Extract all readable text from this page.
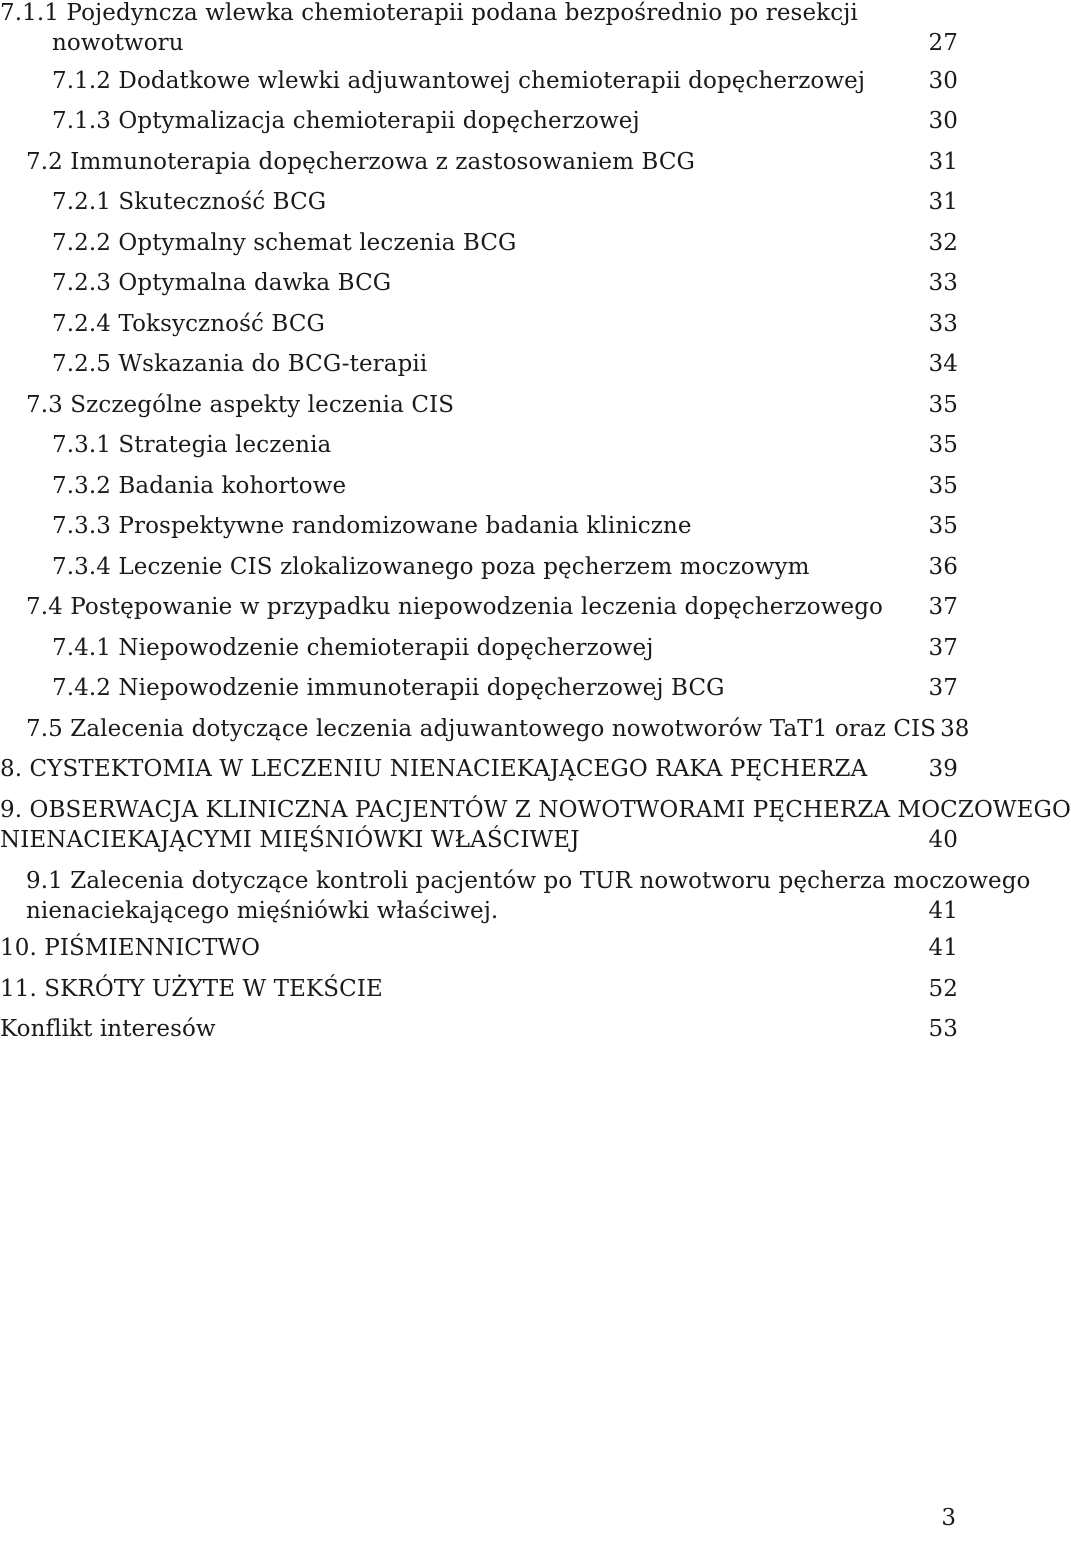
7.1.1 Pojedyncza wlewka chemioterapii podana bezpośrednio po resekcji
nowotworu	27
7.1.2 Dodatkowe wlewki adjuwantowej chemioterapii dopęcherzowej	30
7.1.3 Optymalizacja chemioterapii dopęcherzowej	30
7.2 Immunoterapia dopęcherzowa z zastosowaniem BCG	31
7.2.1 Skuteczność BCG	31
7.2.2 Optymalny schemat leczenia BCG	32
7.2.3 Optymalna dawka BCG	33
7.2.4 Toksyczność BCG	33
7.2.5 Wskazania do BCG-terapii	34
7.3 Szczególne aspekty leczenia CIS	35
7.3.1 Strategia leczenia	35
7.3.2 Badania kohortowe	35
7.3.3 Prospektywne randomizowane badania kliniczne	35
7.3.4 Leczenie CIS zlokalizowanego poza pęcherzem moczowym	36
7.4 Postępowanie w przypadku niepowodzenia leczenia dopęcherzowego 37
7.4.1 Niepowodzenie chemioterapii dopęcherzowej	37
7.4.2 Niepowodzenie immunoterapii dopęcherzowej BCG	37
7.5 Zalecenia dotyczące leczenia adjuwantowego nowotworów TaT1 oraz CIS 38
8. CYSTEKTOMIA W LECZENIU NIENACIEKAJĄCEGO RAKA PĘCHERZA	39
9. OBSERWACJA KLINICZNA PACJENTÓW Z NOWOTWORAMI PĘCHERZA MOCZOWEGO
NIENACIEKAJĄCYMI MIĘŚNIÓWKI WŁAŚCIWEJ	40
9.1 Zalecenia dotyczące kontroli pacjentów po TUR nowotworu pęcherza moczowego
nienaciekającego mięśniówki właściwej.	41
10. PIŚMIENNICTWO	41
11. SKRÓTY UŻYTE W TEKŚCIE	52
Konflikt interesów	53
3
